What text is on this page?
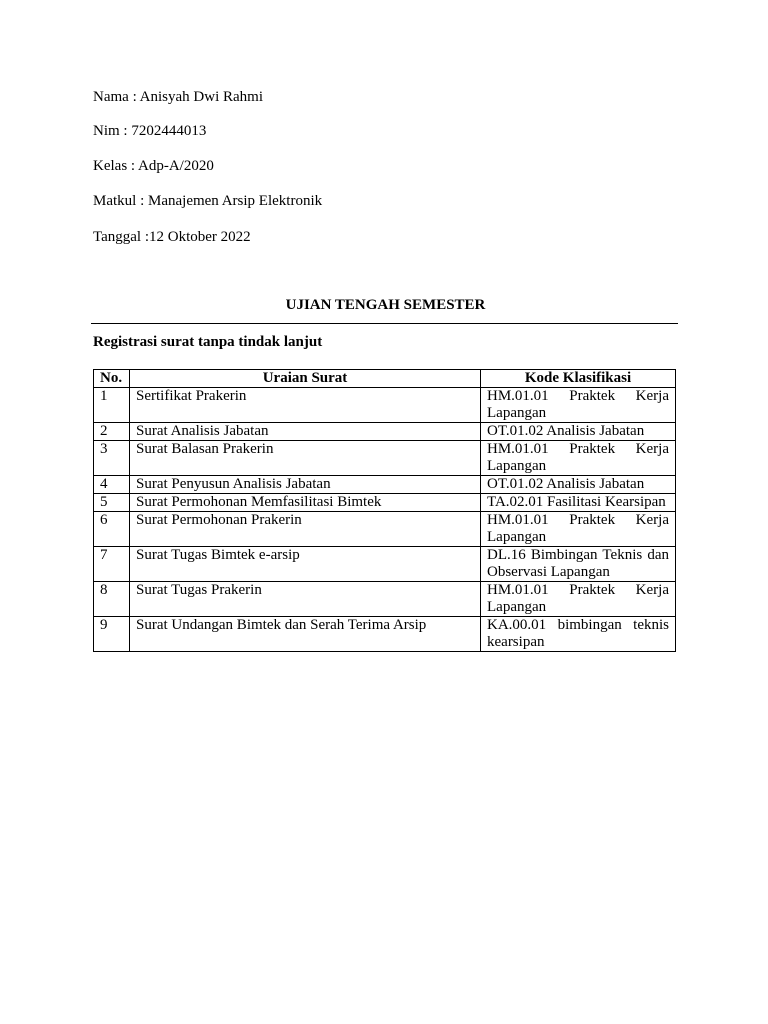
Nama : Anisyah Dwi Rahmi
Nim : 7202444013
Kelas : Adp-A/2020
Matkul : Manajemen Arsip Elektronik
Tanggal :12 Oktober 2022
UJIAN TENGAH SEMESTER
Registrasi surat tanpa tindak lanjut
No.	Uraian Surat	Kode Klasifikasi
1	Sertifikat Prakerin	HM.01.01 Praktek Kerja Lapangan
2	Surat Analisis Jabatan	OT.01.02 Analisis Jabatan
3	Surat Balasan Prakerin	HM.01.01 Praktek Kerja Lapangan
4	Surat Penyusun Analisis Jabatan	OT.01.02 Analisis Jabatan
5	Surat Permohonan Memfasilitasi Bimtek	TA.02.01 Fasilitasi Kearsipan
6	Surat Permohonan Prakerin	HM.01.01 Praktek Kerja Lapangan
7	Surat Tugas Bimtek e-arsip	DL.16 Bimbingan Teknis dan Observasi Lapangan
8	Surat Tugas Prakerin	HM.01.01 Praktek Kerja Lapangan
9	Surat Undangan Bimtek dan Serah Terima Arsip	KA.00.01 bimbingan teknis kearsipan
